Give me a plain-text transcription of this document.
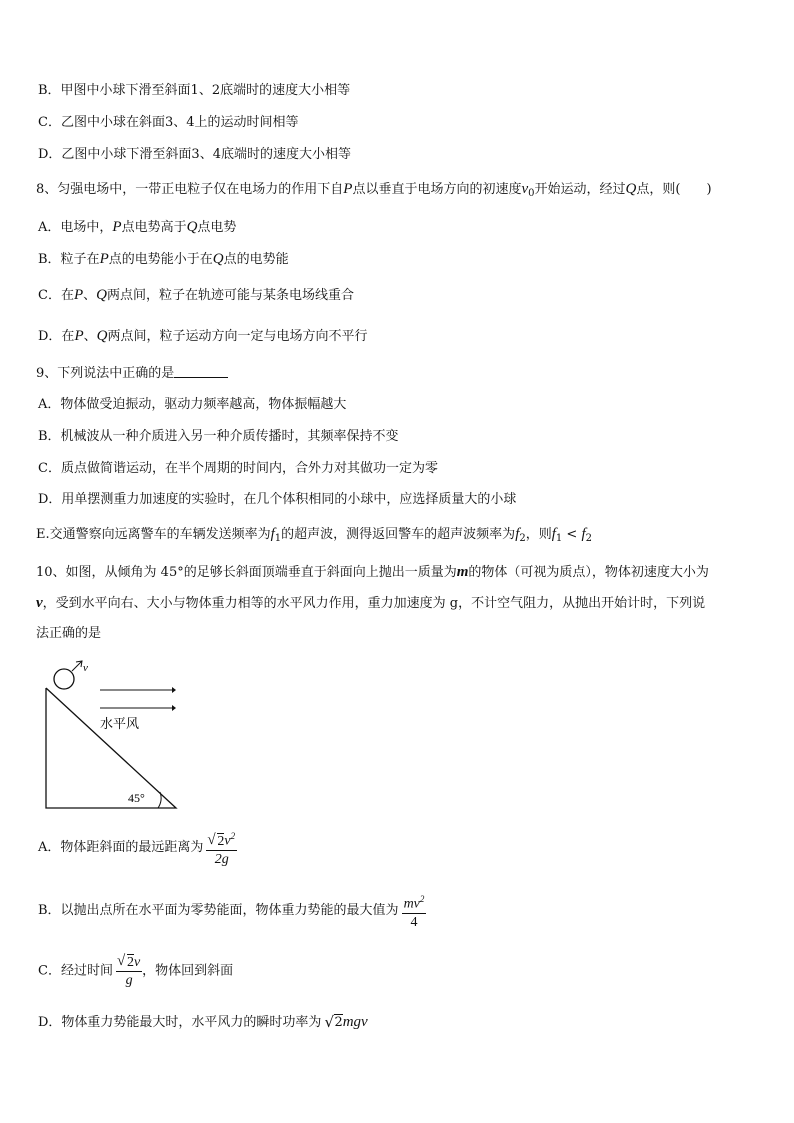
B．甲图中小球下滑至斜面1、2底端时的速度大小相等
C．乙图中小球在斜面3、4上的运动时间相等
D．乙图中小球下滑至斜面3、4底端时的速度大小相等
8、匀强电场中，一带正电粒子仅在电场力的作用下自P点以垂直于电场方向的初速度$v_0$开始运动，经过Q点，则(　　)
A．电场中，P点电势高于Q点电势
B．粒子在P点的电势能小于在Q点的电势能
C．在P、Q两点间，粒子在轨迹可能与某条电场线重合
D．在P、Q两点间，粒子运动方向一定与电场方向不平行
9、下列说法中正确的是
A．物体做受迫振动，驱动力频率越高，物体振幅越大
B．机械波从一种介质进入另一种介质传播时，其频率保持不变
C．质点做简谐运动，在半个周期的时间内，合外力对其做功一定为零
D．用单摆测重力加速度的实验时，在几个体积相同的小球中，应选择质量大的小球
E.交通警察向远离警车的车辆发送频率为$f_1$的超声波，测得返回警车的超声波频率为$f_2$，则$f_1 < f_2$
10、如图，从倾角为 45°的足够长斜面顶端垂直于斜面向上抛出一质量为m的物体（可视为质点），物体初速度大小为
v，受到水平向右、大小与物体重力相等的水平风力作用，重力加速度为 g，不计空气阻力，从抛出开始计时，下列说
法正确的是
v
水平风
45°
A．物体距斜面的最远距离为 √ $\frac{2v^2}{2g}$
B．以抛出点所在水平面为零势能面，物体重力势能的最大值为 $\frac{mv^2}{4}$
C．经过时间 √ $\frac{2v}{g}$ ，物体回到斜面
D．物体重力势能最大时，水平风力的瞬时功率为 √ 2mgv
